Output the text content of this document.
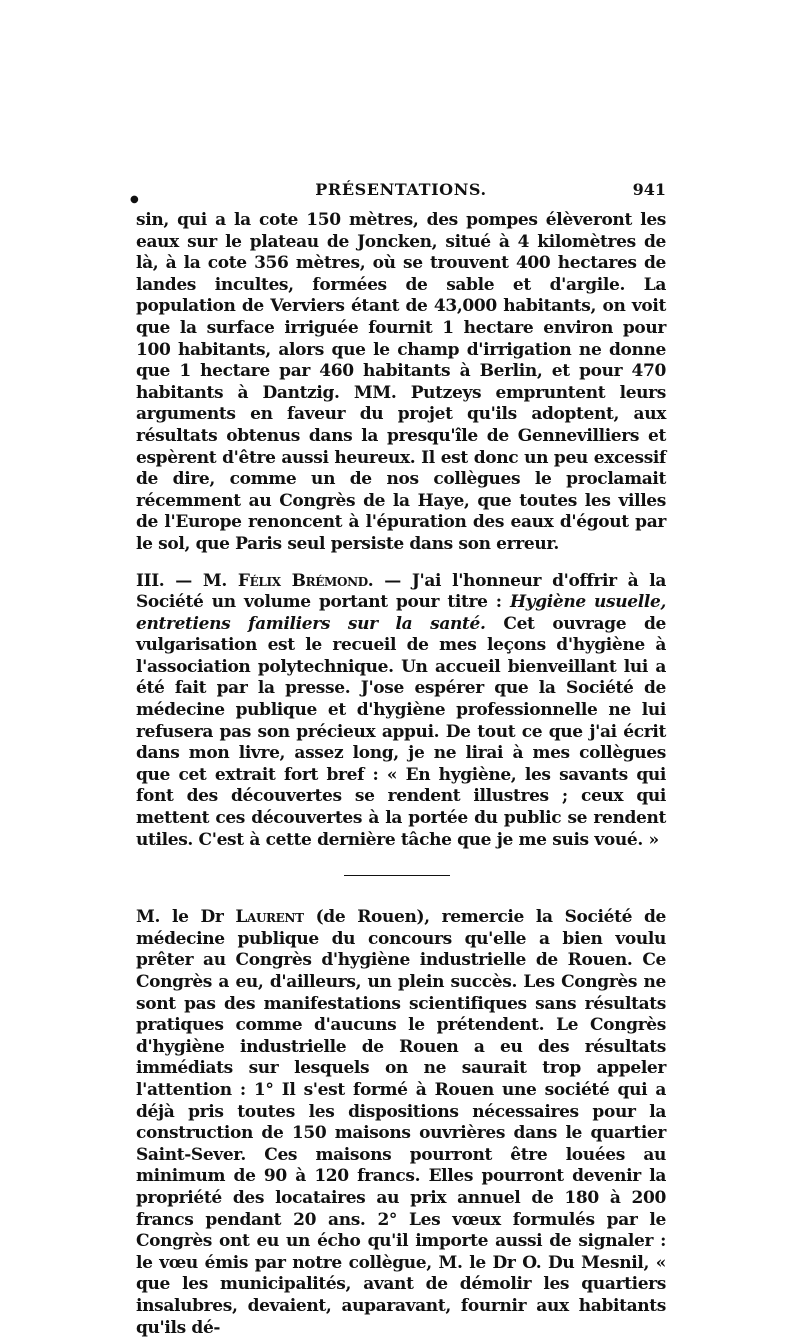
●
PRÉSENTATIONS.	941

sin, qui a la cote 150 mètres, des pompes élèveront les eaux sur le plateau de Joncken, situé à 4 kilomètres de là, à la cote 356 mètres, où se trouvent 400 hectares de landes incultes, formées de sable et d'argile. La population de Verviers étant de 43,000 habitants, on voit que la surface irriguée fournit 1 hectare environ pour 100 habitants, alors que le champ d'irrigation ne donne que 1 hectare par 460 habitants à Berlin, et pour 470 habitants à Dantzig. MM. Putzeys empruntent leurs arguments en faveur du projet qu'ils adoptent, aux résultats obtenus dans la presqu'île de Gennevilliers et espèrent d'être aussi heureux. Il est donc un peu excessif de dire, comme un de nos collègues le proclamait récemment au Congrès de la Haye, que toutes les villes de l'Europe renoncent à l'épuration des eaux d'égout par le sol, que Paris seul persiste dans son erreur.

III. — M. Félix Brémond. — J'ai l'honneur d'offrir à la Société un volume portant pour titre : Hygiène usuelle, entretiens familiers sur la santé. Cet ouvrage de vulgarisation est le recueil de mes leçons d'hygiène à l'association polytechnique. Un accueil bienveillant lui a été fait par la presse. J'ose espérer que la Société de médecine publique et d'hygiène professionnelle ne lui refusera pas son précieux appui. De tout ce que j'ai écrit dans mon livre, assez long, je ne lirai à mes collègues que cet extrait fort bref : « En hygiène, les savants qui font des découvertes se rendent illustres ; ceux qui mettent ces découvertes à la portée du public se rendent utiles. C'est à cette dernière tâche que je me suis voué. »

M. le Dr Laurent (de Rouen), remercie la Société de médecine publique du concours qu'elle a bien voulu prêter au Congrès d'hygiène industrielle de Rouen. Ce Congrès a eu, d'ailleurs, un plein succès. Les Congrès ne sont pas des manifestations scientifiques sans résultats pratiques comme d'aucuns le prétendent. Le Congrès d'hygiène industrielle de Rouen a eu des résultats immédiats sur lesquels on ne saurait trop appeler l'attention : 1° Il s'est formé à Rouen une société qui a déjà pris toutes les dispositions nécessaires pour la construction de 150 maisons ouvrières dans le quartier Saint-Sever. Ces maisons pourront être louées au minimum de 90 à 120 francs. Elles pourront devenir la propriété des locataires au prix annuel de 180 à 200 francs pendant 20 ans. 2° Les vœux formulés par le Congrès ont eu un écho qu'il importe aussi de signaler : le vœu émis par notre collègue, M. le Dr O. Du Mesnil, « que les municipalités, avant de démolir les quartiers insalubres, devaient, auparavant, fournir aux habitants qu'ils dé-
